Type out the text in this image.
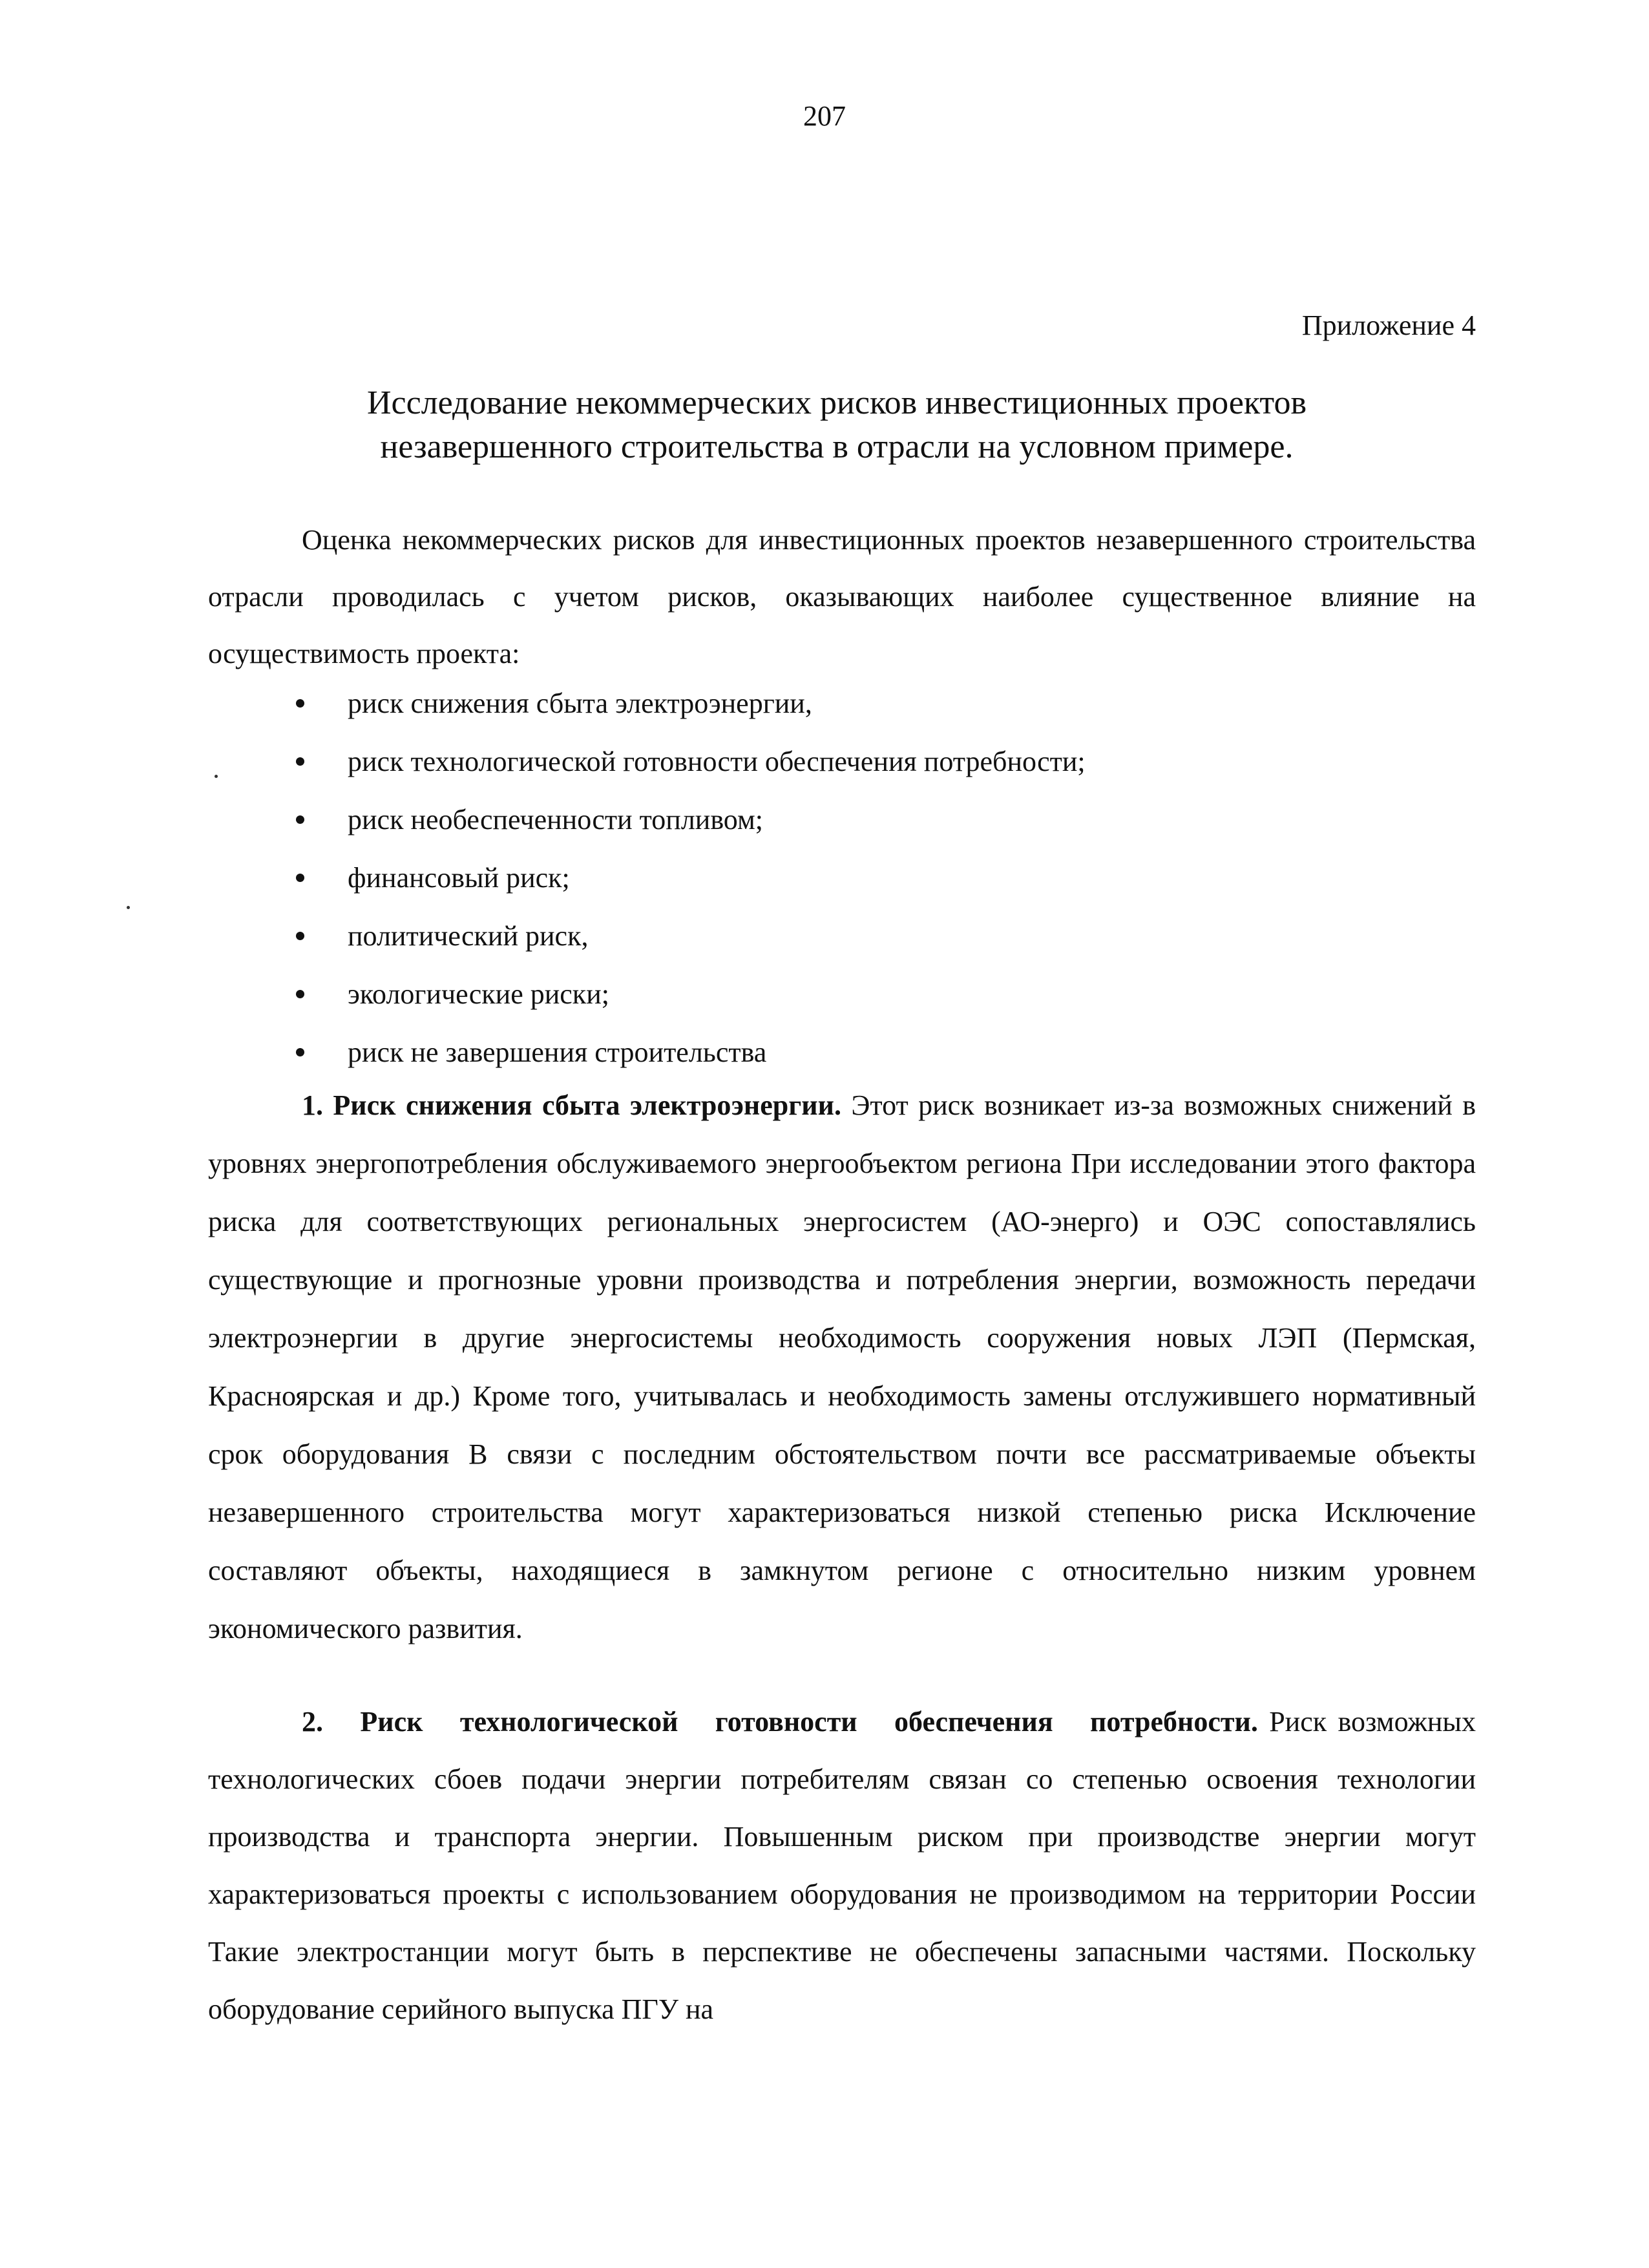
207
Приложение 4
Исследование некоммерческих рисков инвестиционных проектов
незавершенного строительства в отрасли на условном примере.
Оценка некоммерческих рисков для инвестиционных проектов незавершенного строительства отрасли проводилась с учетом рисков, оказывающих наиболее существенное влияние на осуществимость проекта:
риск снижения сбыта электроэнергии,
риск технологической готовности обеспечения потребности;
риск необеспеченности топливом;
финансовый риск;
политический риск,
экологические риски;
риск не завершения строительства
1. Риск снижения сбыта электроэнергии. Этот риск возникает из-за возможных снижений в уровнях энергопотребления обслуживаемого энергообъектом региона При исследовании этого фактора риска для соответствующих региональных энергосистем (АО-энерго) и ОЭС сопоставлялись существующие и прогнозные уровни производства и потребления энергии, возможность передачи электроэнергии в другие энергосистемы необходимость сооружения новых ЛЭП (Пермская, Красноярская и др.) Кроме того, учитывалась и необходимость замены отслужившего нормативный срок оборудования В связи с последним обстоятельством почти все рассматриваемые объекты незавершенного строительства могут характеризоваться низкой степенью риска Исключение составляют объекты, находящиеся в замкнутом регионе с относительно низким уровнем экономического развития.
2. Риск технологической готовности обеспечения потребности. Риск возможных технологических сбоев подачи энергии потребителям связан со степенью освоения технологии производства и транспорта энергии. Повышенным риском при производстве энергии могут характеризоваться проекты с использованием оборудования не производимом на территории России Такие электростанции могут быть в перспективе не обеспечены запасными частями. Поскольку оборудование серийного выпуска ПГУ на
